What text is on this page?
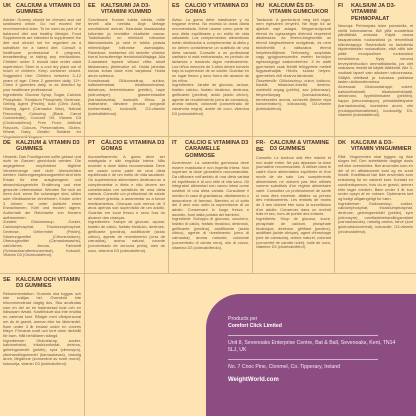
UK CALCIUM & VITAMIN D3 GUMMIES
Advice: Gummy should be chewed and not swallowed whole. Do not exceed the recommended dose. To be used as part of a balanced diet and healthy lifestyle. Food Supplements are intended to supplement the diet and should not be regarded as a substitute for a varied diet. Consult a healthcare professional if pregnant, breastfeeding or taking any medications. Children under 3 should take under adult supervision. Store in a cool dry place out of reach of children. Keep container closed. Suggested Use: Children between 3–12 years of age: Chew 2 gummies daily; 12+: Chew 3 gummies daily, or as directed by your healthcare professional.
Ingredients: Glucose Syrup, Sugar, Calcium Phosphate, Tricalcium Phosphate, Dextrose, Gelling Agent (Pectin), Acid (Citric Acid), Glazing Agent (Carnauba Wax), Natural Flavouring, Colouring (Black Carrot Concentrate), Coconut Oil, Vitamin D3 (Cholecalciferol). Free From: Artificial Flavours, Colours, Preservatives, Gluten, Wheat, Dairy, Gelatin. Suitable for
EE KALTSIUMI JA D3-VITAMIINI KUMMID
Soovitused: Kummi tuleks närida, mitte tervelt alla neelata. Ärge ületage soovitatavat annust. Kasutada tasakaaluka toitumise ja tervislike eluviiside osana. Toidulisandid on mõeldud toitumise täiendamiseks ja neid ei tohiks pidada mitmekülgse toitumise asendajaks. Raseduse, imetamise või ravimite võtmise korral konsulteerige tervishoiutöötajaga. Alla 3-aastased lapsed võivad võtta ainult täiskasvanu järelevalve all. Hoida jahedas kuivas kohas laste eest varjatuna. Hoida anum suletuna.
Koostisosad: Glükoosisiirup, suhkur, kaltsiumfosfaat, trikaltsiumfosfaat, dekstroos, želeerimisaine (pektiin), hape (sidrunhape), glaseerimisaine (karnaubavaha), looduslik lõhna- ja maitseaine, värvaine (musta porgandi kontsentraat), kookosõli, D3-vitamiin (kolekaltsiferool).
ES CALCIO Y VITAMINA D3 GOMAS
Aviso: La goma debe masticarse y no tragarse entera. No exceda la dosis diaria recomendada. Debe usarse como parte de una dieta equilibrada y un estilo de vida saludable. Los complementos alimenticios están destinados a complementar la dieta y no deben considerarse un sustituto de una dieta variada. Consulte a un profesional sanitario si está embarazada, en periodo de lactancia o tomando algún medicamento. Los niños menores de 3 años deben tomarlo bajo la supervisión de un adulto. Guardar en un lugar fresco y seco fuera del alcance de los niños.
Ingredientes: Jarabe de glucosa, azúcar, fosfato cálcico, fosfato tricálcico, dextrosa, gelificante (pectina), ácido (ácido cítrico), agente de recubrimiento (cera de carnauba), aroma natural, colorante (concentrado de zanahoria negra), aceite de coco, vitamina D3 (colecalciferol).
HU KALCIUM ÉS D3-VITAMIN GUMICUKOR
Tanácsok: A gumicukrot meg kell rágni, nem egészben lenyelni. Ne lépje túl az ajánlott napi adagot. Kiegyensúlyozott étrend és egészséges életmód részeként alkalmazza. Az étrend-kiegészítők az étrend kiegészítésére szolgálnak, és nem tekinthetők a változatos étrend helyettesítőjének. Terhesség, szoptatás vagy gyógyszerszedés esetén forduljon egészségügyi szakemberhez. 3 év alatti gyermekek csak felnőtt felügyelete mellett fogyaszthatják. Hűvös, száraz helyen, gyermekek elől elzárva tárolandó.
Összetevők: Glükózszirup, cukor, kalcium-foszfát, trikalcium-foszfát, dextróz, zselésítő anyag (pektin), sav (citromsav), fényezőanyag (karnaubaviasz), természetes aroma, színezék (fekete répa koncentrátum), kókuszolaj, D3-vitamin (kolekalciferol).
FI	KALSIUM JA D3-VITAMIINI PEHMOPALAT
Neuvoja: Pehmopala tulee pureskella, ei niellä kokonaisena. Älä ylitä suositeltua päivittäistä annosta. Käytä osana tasapainoista ruokavaliota ja terveellisiä elämäntapoja. Ravintolisät on tarkoitettu täydentämään ruokavaliota, eikä niitä tule pitää monipuolisen ruokavalion korvikkeena. Kysy neuvoa terveydenhuollon ammattilaiselta, jos olet raskaana, imetät tai käytät lääkkeitä. Alle 3-vuotiaat lapset vain aikuisen valvonnassa. Säilytä viileässä ja kuivassa paikassa lasten ulottumattomissa.
Ainesosat: Glukoosisiirappi, sokeri, kalsiumfosfaatti, trikalsiumfosfaatti, dekstroosi, hyytelöimisaine (pektiini), happo (sitruunahappo), pintakäsittelyaine (karnaubavaha), luontainen aromi, väri (mustaporkkanatiiviste), kookosöljy, D3-vitamiini (kolekalsiferoli).
DE KALZIUM & VITAMIN D3 GUMMIES
Hinweis: Das Fruchtgummi sollte gekaut und nicht im Ganzen geschluckt werden. Die angegebene empfohlene tägliche Verzehrmenge darf nicht überschritten werden. Nahrungsergänzungsmittel sind kein Ersatz für eine ausgewogene und abwechslungsreiche Ernährung und eine gesunde Lebensweise. Wenden Sie sich an Ihren Arzt, wenn Sie schwanger sind, stillen oder Medikamente einnehmen. Kinder unter 3 Jahren nur unter Aufsicht eines Erwachsenen. Kühl und trocken lagern. Außerhalb der Reichweite von Kindern aufbewahren.
Zutaten: Glukosesirup, Zucker, Calciumphosphat, Tricalciumphosphat, Dextrose, Geliermittel (Pektin), Säuerungsmittel (Citronensäure), Überzugsmittel (Carnaubawachs), natürliches Aroma, Farbstoff (Schwarzkarottenkonzentrat), Kokosöl, Vitamin D3 (Cholecalciferol).
PT	CÁLCIO E VITAMINA D3 GOMAS
Aconselhamento: A goma deve ser mastigada e não engolida inteira. Não exceder a dose diária recomendada. Deve ser usado como parte de uma dieta equilibrada e de um estilo de vida saudável. Os suplementos alimentares destinam-se a complementar a dieta e não devem ser considerados um substituto de uma dieta variada. Consulte um profissional de saúde se estiver grávida, a amamentar ou a tomar medicamentos. Crianças com menos de 3 anos apenas sob supervisão de um adulto. Guardar em local fresco e seco fora do alcance das crianças.
Ingredientes: Xarope de glucose, açúcar, fosfato de cálcio, fosfato tricálcico, dextrose, gelificante (pectina), acidificante (ácido cítrico), agente de revestimento (cera de carnaúba), aroma natural, corante (concentrado de cenoura preta), óleo de coco, vitamina D3 (colecalciferol).
IT	CALCIO E VITAMINA D3 CARAMELLE GOMMOSE
Avvertenze: La caramella gommosa deve essere masticata e non ingerita intera. Non superare la dose giornaliera raccomandata. Da utilizzare nell'ambito di una dieta variata ed equilibrata e di uno stile di vita sano. Gli integratori alimentari non vanno intesi come sostituti di una dieta variata. Consultare il medico in caso di gravidanza, allattamento o assunzione di farmaci. Bambini al di sotto dei 3 anni solo sotto la supervisione di un adulto. Conservare in luogo fresco e asciutto, fuori dalla portata dei bambini.
Ingredienti: Sciroppo di glucosio, zucchero, fosfato di calcio, fosfato tricalcico, destrosio, gelificante (pectina), acidificante (acido citrico), agente di rivestimento (cera di carnauba), aroma naturale, colorante (concentrato di carota nera), olio di cocco, vitamina D3 (colecalciferolo).
FR-BE
CALCIUM & VITAMINE D3 GUMMIES
Conseils: Le bonbon doit être mâché et non avalé entier. Ne pas dépasser la dose journalière recommandée. À utiliser dans le cadre d'une alimentation équilibrée et d'un mode de vie sain. Les compléments alimentaires ne doivent pas être utilisés comme substituts d'un régime alimentaire varié. Consultez un professionnel de santé si vous êtes enceinte, allaitez ou prenez des médicaments. Les enfants de moins de 3 ans doivent être sous la surveillance d'un adulte. Conserver dans un endroit frais et sec, hors de portée des enfants.
Ingrédients: Sirop de glucose, sucre, phosphate de calcium, phosphate tricalcique, dextrose, gélifiant (pectine), acidifiant (acide citrique), agent d'enrobage (cire de carnauba), arôme naturel, colorant (concentré de carotte noire), huile de coco, vitamine D3 (cholécalciférol).
DK KALCIUM & D3-VITAMIN VINGUMMIER
Råd: Vingummien skal tygges og ikke sluges hel. Den anbefalede daglige dosis må ikke overskrides. Bør anvendes som en del af en afbalanceret kost og en sund livsstil. Kosttilskud bør ikke anvendes som erstatning for en varieret kost. Kontakt en sundhedsperson, hvis du er gravid, ammer eller tager medicin. Børn under 3 år kun under opsyn af en voksen. Opbevares tørt og køligt utilgængeligt for børn.
Ingredienser: Glukosesirup, sukker, calciumphosphat, tricalciumphosphat, dextrose, geleringsmiddel (pektin), syre (citronsyre), overfladebehandlingsmiddel (carnaubavoks), naturlig aroma, farve (sort gulerodskoncentrat), kokosolie, D3-vitamin (cholecalciferol).
SE KALCIUM OCH VITAMIN D3 GUMMIES
Rekommendation: Gummin ska tuggas och inte sväljas hel. Överskrid inte rekommenderad daglig dos. Ska användas som en del av en balanserad kost och en hälsosam livsstil. Kosttillskott ska inte ersätta en varierad kost. Rådgör med vårdpersonal om du är gravid, ammar eller tar läkemedel. Barn under 3 år endast under en vuxens tillsyn. Förvaras svalt och torrt utom räckhåll för barn. Håll behållaren stängd.
Ingredienser: Glukossirap, socker, kalciumfosfat, trikalciumfosfat, dextros, geleringsmedel (pektin), syra (citronsyra), ytbehandlingsmedel (karnaubavax), naturlig arom, färgämne (koncentrat av svart morot), kokosolja, vitamin D3 (kolekalciferol).
Products per
Comfort Click Limited
Unit 8, Sevenoaks Enterprise Centre, Bat & Ball, Sevenoaks, Kent, TN14 5LJ, UK
No. 7 Cnoc Pine, Clonmel, Co. Tipperary, Ireland
WeightWorld.com
